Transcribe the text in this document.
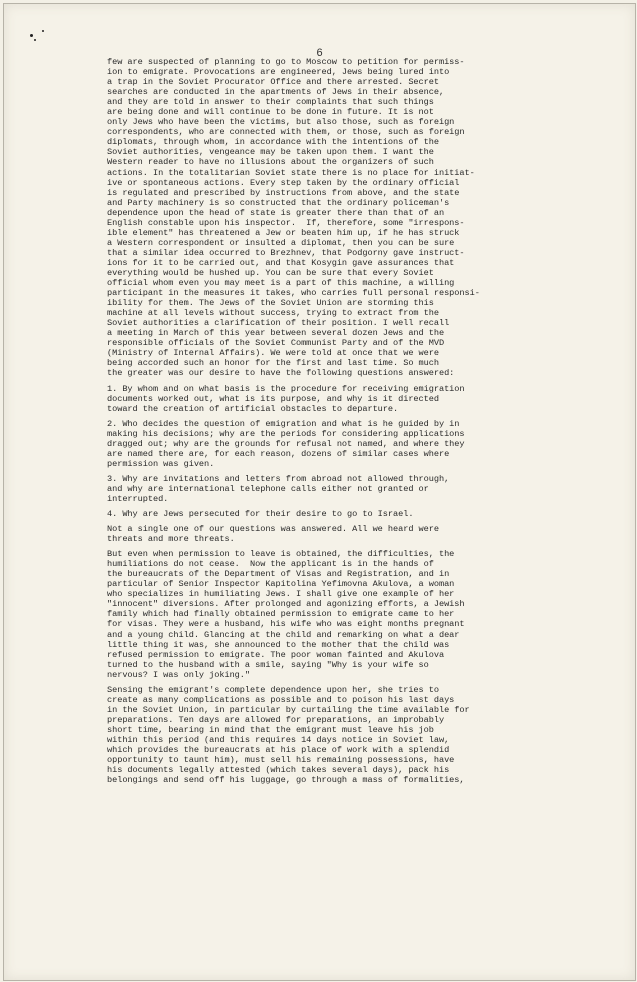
6
few are suspected of planning to go to Moscow to petition for permiss-
ion to emigrate. Provocations are engineered, Jews being lured into
a trap in the Soviet Procurator Office and there arrested. Secret
searches are conducted in the apartments of Jews in their absence,
and they are told in answer to their complaints that such things
are being done and will continue to be done in future. It is not
only Jews who have been the victims, but also those, such as foreign
correspondents, who are connected with them, or those, such as foreign
diplomats, through whom, in accordance with the intentions of the
Soviet authorities, vengeance may be taken upon them. I want the
Western reader to have no illusions about the organizers of such
actions. In the totalitarian Soviet state there is no place for initiat-
ive or spontaneous actions. Every step taken by the ordinary official
is regulated and prescribed by instructions from above, and the state
and Party machinery is so constructed that the ordinary policeman's
dependence upon the head of state is greater there than that of an
English constable upon his inspector.  If, therefore, some "irrespons-
ible element" has threatened a Jew or beaten him up, if he has struck
a Western correspondent or insulted a diplomat, then you can be sure
that a similar idea occurred to Brezhnev, that Podgorny gave instruct-
ions for it to be carried out, and that Kosygin gave assurances that
everything would be hushed up. You can be sure that every Soviet
official whom even you may meet is a part of this machine, a willing
participant in the measures it takes, who carries full personal responsi-
ibility for them. The Jews of the Soviet Union are storming this
machine at all levels without success, trying to extract from the
Soviet authorities a clarification of their position. I well recall
a meeting in March of this year between several dozen Jews and the
responsible officials of the Soviet Communist Party and of the MVD
(Ministry of Internal Affairs). We were told at once that we were
being accorded such an honor for the first and last time. So much
the greater was our desire to have the following questions answered:
1. By whom and on what basis is the procedure for receiving emigration
documents worked out, what is its purpose, and why is it directed
toward the creation of artificial obstacles to departure.
2. Who decides the question of emigration and what is he guided by in
making his decisions; why are the periods for considering applications
dragged out; why are the grounds for refusal not named, and where they
are named there are, for each reason, dozens of similar cases where
permission was given.
3. Why are invitations and letters from abroad not allowed through,
and why are international telephone calls either not granted or
interrupted.
4. Why are Jews persecuted for their desire to go to Israel.
Not a single one of our questions was answered. All we heard were
threats and more threats.
But even when permission to leave is obtained, the difficulties, the
humiliations do not cease.  Now the applicant is in the hands of
the bureaucrats of the Department of Visas and Registration, and in
particular of Senior Inspector Kapitolina Yefimovna Akulova, a woman
who specializes in humiliating Jews. I shall give one example of her
"innocent" diversions. After prolonged and agonizing efforts, a Jewish
family which had finally obtained permission to emigrate came to her
for visas. They were a husband, his wife who was eight months pregnant
and a young child. Glancing at the child and remarking on what a dear
little thing it was, she announced to the mother that the child was
refused permission to emigrate. The poor woman fainted and Akulova
turned to the husband with a smile, saying "Why is your wife so
nervous? I was only joking."
Sensing the emigrant's complete dependence upon her, she tries to
create as many complications as possible and to poison his last days
in the Soviet Union, in particular by curtailing the time available for
preparations. Ten days are allowed for preparations, an improbably
short time, bearing in mind that the emigrant must leave his job
within this period (and this requires 14 days notice in Soviet law,
which provides the bureaucrats at his place of work with a splendid
opportunity to taunt him), must sell his remaining possessions, have
his documents legally attested (which takes several days), pack his
belongings and send off his luggage, go through a mass of formalities,
